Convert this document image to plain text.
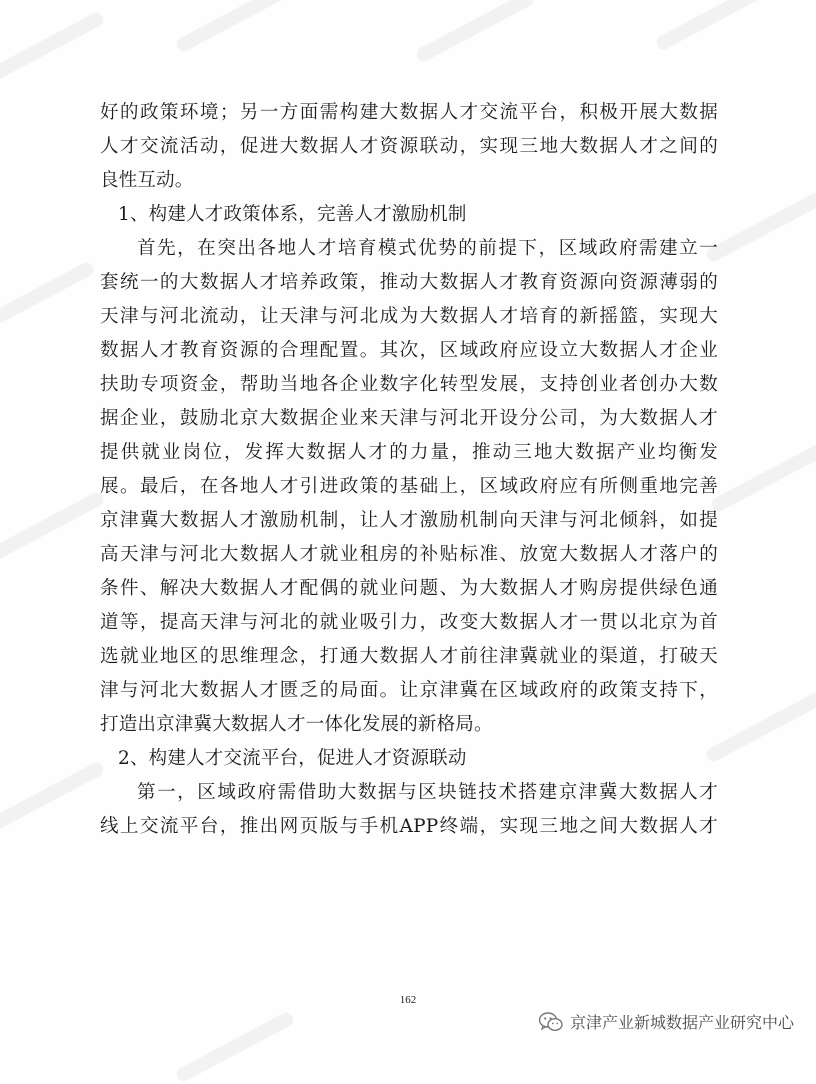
好的政策环境；另一方面需构建大数据人才交流平台，积极开展大数据
人才交流活动，促进大数据人才资源联动，实现三地大数据人才之间的
良性互动。
1、构建人才政策体系，完善人才激励机制
首先，在突出各地人才培育模式优势的前提下，区域政府需建立一
套统一的大数据人才培养政策，推动大数据人才教育资源向资源薄弱的
天津与河北流动，让天津与河北成为大数据人才培育的新摇篮，实现大
数据人才教育资源的合理配置。其次，区域政府应设立大数据人才企业
扶助专项资金，帮助当地各企业数字化转型发展，支持创业者创办大数
据企业，鼓励北京大数据企业来天津与河北开设分公司，为大数据人才
提供就业岗位，发挥大数据人才的力量，推动三地大数据产业均衡发
展。最后，在各地人才引进政策的基础上，区域政府应有所侧重地完善
京津冀大数据人才激励机制，让人才激励机制向天津与河北倾斜，如提
高天津与河北大数据人才就业租房的补贴标准、放宽大数据人才落户的
条件、解决大数据人才配偶的就业问题、为大数据人才购房提供绿色通
道等，提高天津与河北的就业吸引力，改变大数据人才一贯以北京为首
选就业地区的思维理念，打通大数据人才前往津冀就业的渠道，打破天
津与河北大数据人才匮乏的局面。让京津冀在区域政府的政策支持下，
打造出京津冀大数据人才一体化发展的新格局。
2、构建人才交流平台，促进人才资源联动
第一，区域政府需借助大数据与区块链技术搭建京津冀大数据人才
线上交流平台，推出网页版与手机APP终端，实现三地之间大数据人才
162
京津产业新城数据产业研究中心
